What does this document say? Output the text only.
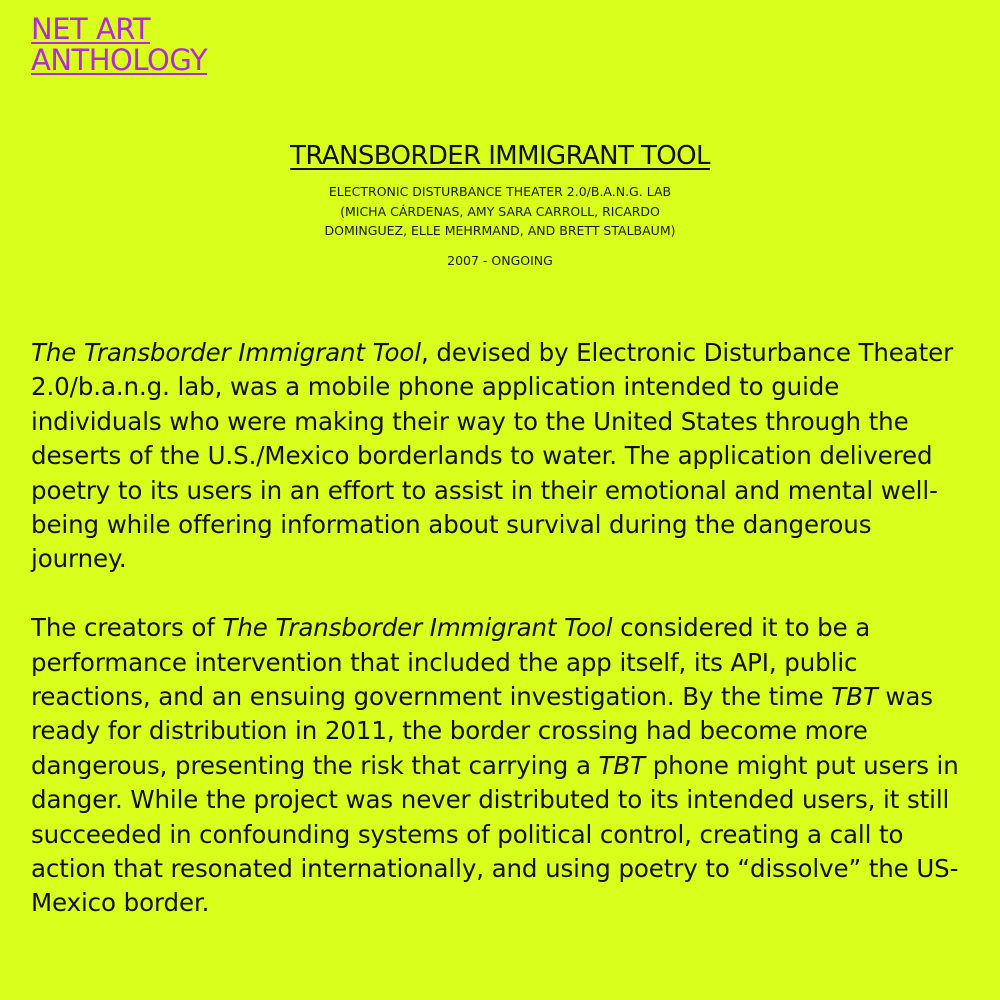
NET ART
ANTHOLOGY
TRANSBORDER IMMIGRANT TOOL
ELECTRONIC DISTURBANCE THEATER 2.0/B.A.N.G. LAB
(MICHA CÁRDENAS, AMY SARA CARROLL, RICARDO
DOMINGUEZ, ELLE MEHRMAND, AND BRETT STALBAUM)
2007 - ONGOING

The Transborder Immigrant Tool, devised by Electronic Disturbance Theater 2.0/b.a.n.g. lab, was a mobile phone application intended to guide individuals who were making their way to the United States through the deserts of the U.S./Mexico borderlands to water. The application delivered poetry to its users in an effort to assist in their emotional and mental well-being while offering information about survival during the dangerous journey.

The creators of The Transborder Immigrant Tool considered it to be a performance intervention that included the app itself, its API, public reactions, and an ensuing government investigation. By the time TBT was ready for distribution in 2011, the border crossing had become more dangerous, presenting the risk that carrying a TBT phone might put users in danger. While the project was never distributed to its intended users, it still succeeded in confounding systems of political control, creating a call to action that resonated internationally, and using poetry to “dissolve” the US-Mexico border.
